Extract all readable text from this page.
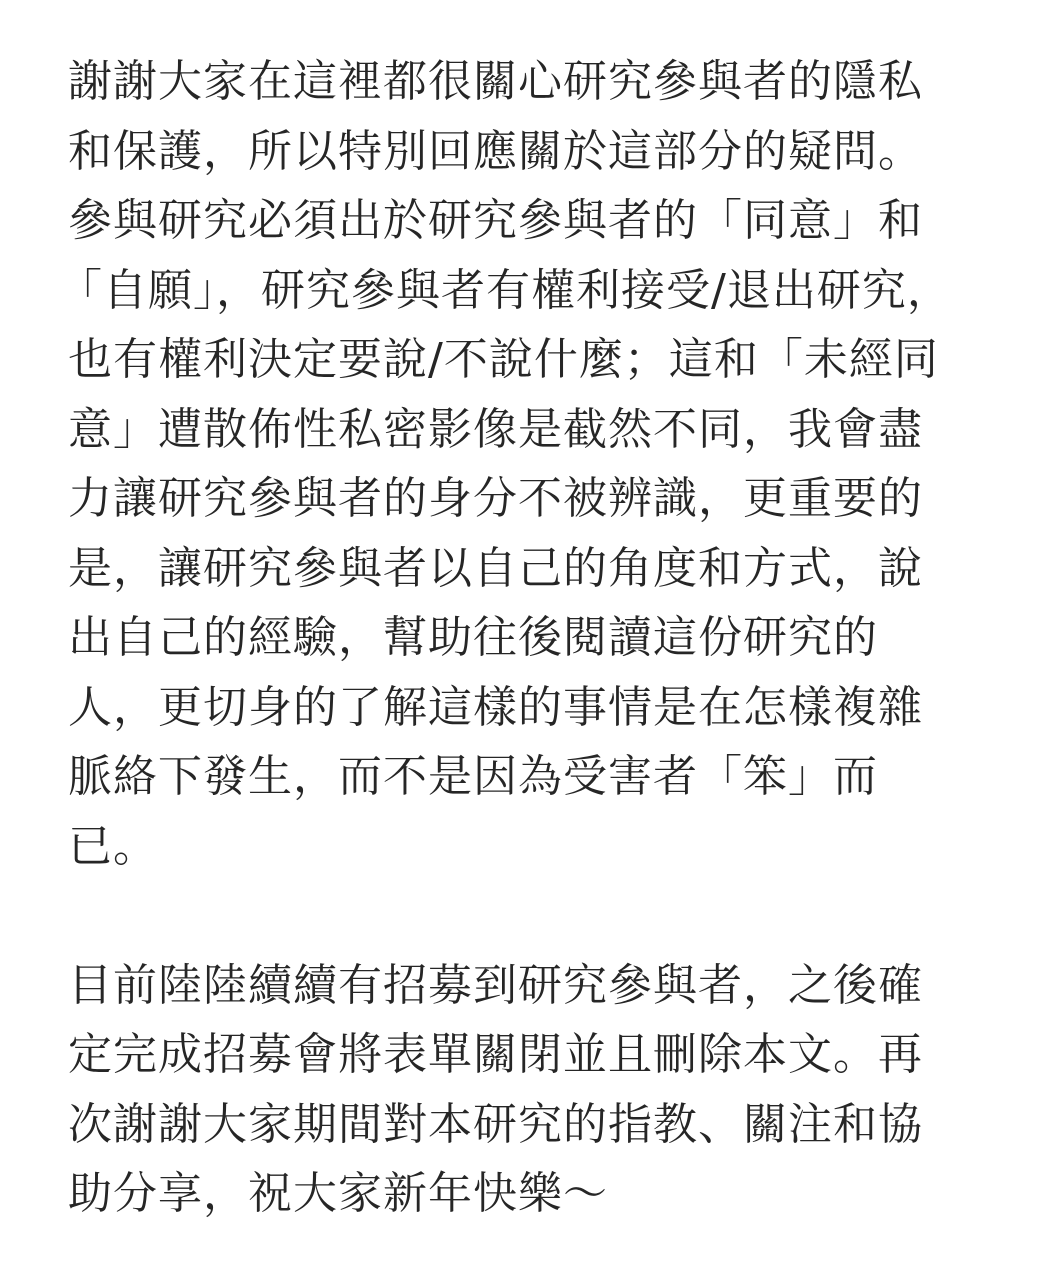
謝謝大家在這裡都很關心研究參與者的隱私
和保護，所以特別回應關於這部分的疑問。
參與研究必須出於研究參與者的「同意」和
「自願」，研究參與者有權利接受/退出研究，
也有權利決定要說/不說什麼；這和「未經同
意」遭散佈性私密影像是截然不同，我會盡
力讓研究參與者的身分不被辨識，更重要的
是，讓研究參與者以自己的角度和方式，說
出自己的經驗，幫助往後閱讀這份研究的
人，更切身的了解這樣的事情是在怎樣複雜
脈絡下發生，而不是因為受害者「笨」而
已。
目前陸陸續續有招募到研究參與者，之後確
定完成招募會將表單關閉並且刪除本文。再
次謝謝大家期間對本研究的指教、關注和協
助分享，祝大家新年快樂～
